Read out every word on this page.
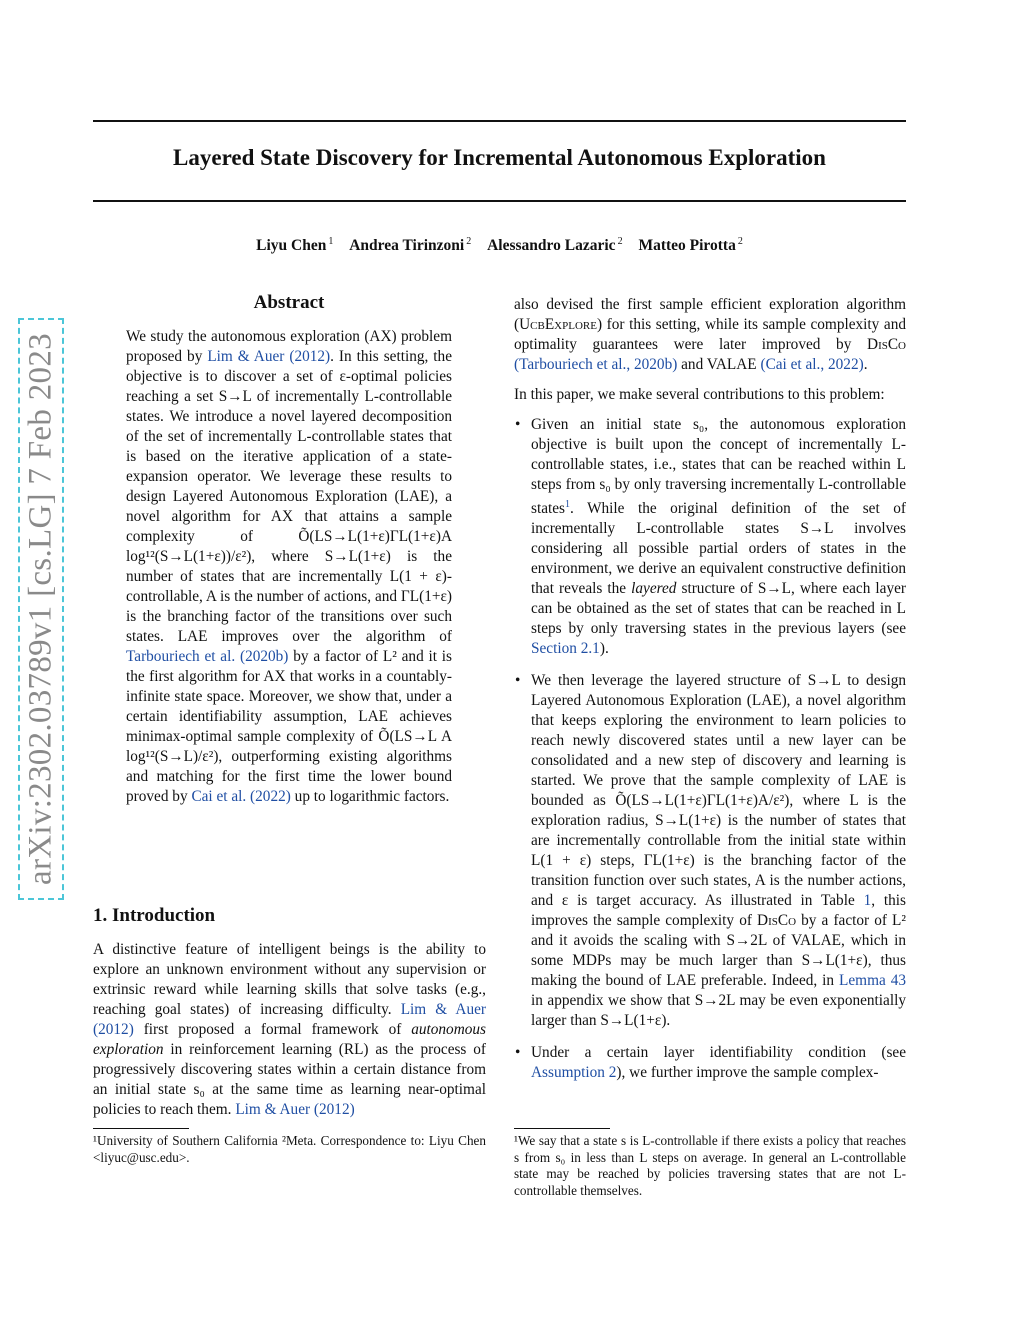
arXiv:2302.03789v1 [cs.LG] 7 Feb 2023
Layered State Discovery for Incremental Autonomous Exploration
Liyu Chen $^1$ Andrea Tirinzoni $^2$ Alessandro Lazaric $^2$ Matteo Pirotta $^2$
Abstract

We study the autonomous exploration (AX) problem proposed by Lim & Auer (2012). In this setting, the objective is to discover a set of ε-optimal policies reaching a set S→L of incrementally L-controllable states. We introduce a novel layered decomposition of the set of incrementally L-controllable states that is based on the iterative application of a state-expansion operator. We leverage these results to design Layered Autonomous Exploration (LAE), a novel algorithm for AX that attains a sample complexity of Õ(LS→L(1+ε)ΓL(1+ε)A log¹²(S→L(1+ε))/ε²), where S→L(1+ε) is the number of states that are incrementally L(1 + ε)-controllable, A is the number of actions, and ΓL(1+ε) is the branching factor of the transitions over such states. LAE improves over the algorithm of Tarbouriech et al. (2020b) by a factor of L² and it is the first algorithm for AX that works in a countably-infinite state space. Moreover, we show that, under a certain identifiability assumption, LAE achieves minimax-optimal sample complexity of Õ(LS→L A log¹²(S→L)/ε²), outperforming existing algorithms and matching for the first time the lower bound proved by Cai et al. (2022) up to logarithmic factors.

1. Introduction

A distinctive feature of intelligent beings is the ability to explore an unknown environment without any supervision or extrinsic reward while learning skills that solve tasks (e.g., reaching goal states) of increasing difficulty. Lim & Auer (2012) first proposed a formal framework of autonomous exploration in reinforcement learning (RL) as the process of progressively discovering states within a certain distance from an initial state s₀ at the same time as learning near-optimal policies to reach them. Lim & Auer (2012)

¹University of Southern California ²Meta. Correspondence to: Liyu Chen <liyuc@usc.edu>.

also devised the first sample efficient exploration algorithm (UcbExplore) for this setting, while its sample complexity and optimality guarantees were later improved by DisCo (Tarbouriech et al., 2020b) and VALAE (Cai et al., 2022).

In this paper, we make several contributions to this problem:

• Given an initial state s₀, the autonomous exploration objective is built upon the concept of incrementally L-controllable states, i.e., states that can be reached within L steps from s₀ by only traversing incrementally L-controllable states$^1$. While the original definition of the set of incrementally L-controllable states S→L involves considering all possible partial orders of states in the environment, we derive an equivalent constructive definition that reveals the layered structure of S→L, where each layer can be obtained as the set of states that can be reached in L steps by only traversing states in the previous layers (see Section 2.1).
• We then leverage the layered structure of S→L to design Layered Autonomous Exploration (LAE), a novel algorithm that keeps exploring the environment to learn policies to reach newly discovered states until a new layer can be consolidated and a new step of discovery and learning is started. We prove that the sample complexity of LAE is bounded as Õ(LS→L(1+ε)ΓL(1+ε)A/ε²), where L is the exploration radius, S→L(1+ε) is the number of states that are incrementally controllable from the initial state within L(1 + ε) steps, ΓL(1+ε) is the branching factor of the transition function over such states, A is the number actions, and ε is target accuracy. As illustrated in Table 1, this improves the sample complexity of DisCo by a factor of L² and it avoids the scaling with S→2L of VALAE, which in some MDPs may be much larger than S→L(1+ε), thus making the bound of LAE preferable. Indeed, in Lemma 43 in appendix we show that S→2L may be even exponentially larger than S→L(1+ε).
• Under a certain layer identifiability condition (see Assumption 2), we further improve the sample complex-
¹We say that a state s is L-controllable if there exists a policy that reaches s from s₀ in less than L steps on average. In general an L-controllable state may be reached by policies traversing states that are not L-controllable themselves.
